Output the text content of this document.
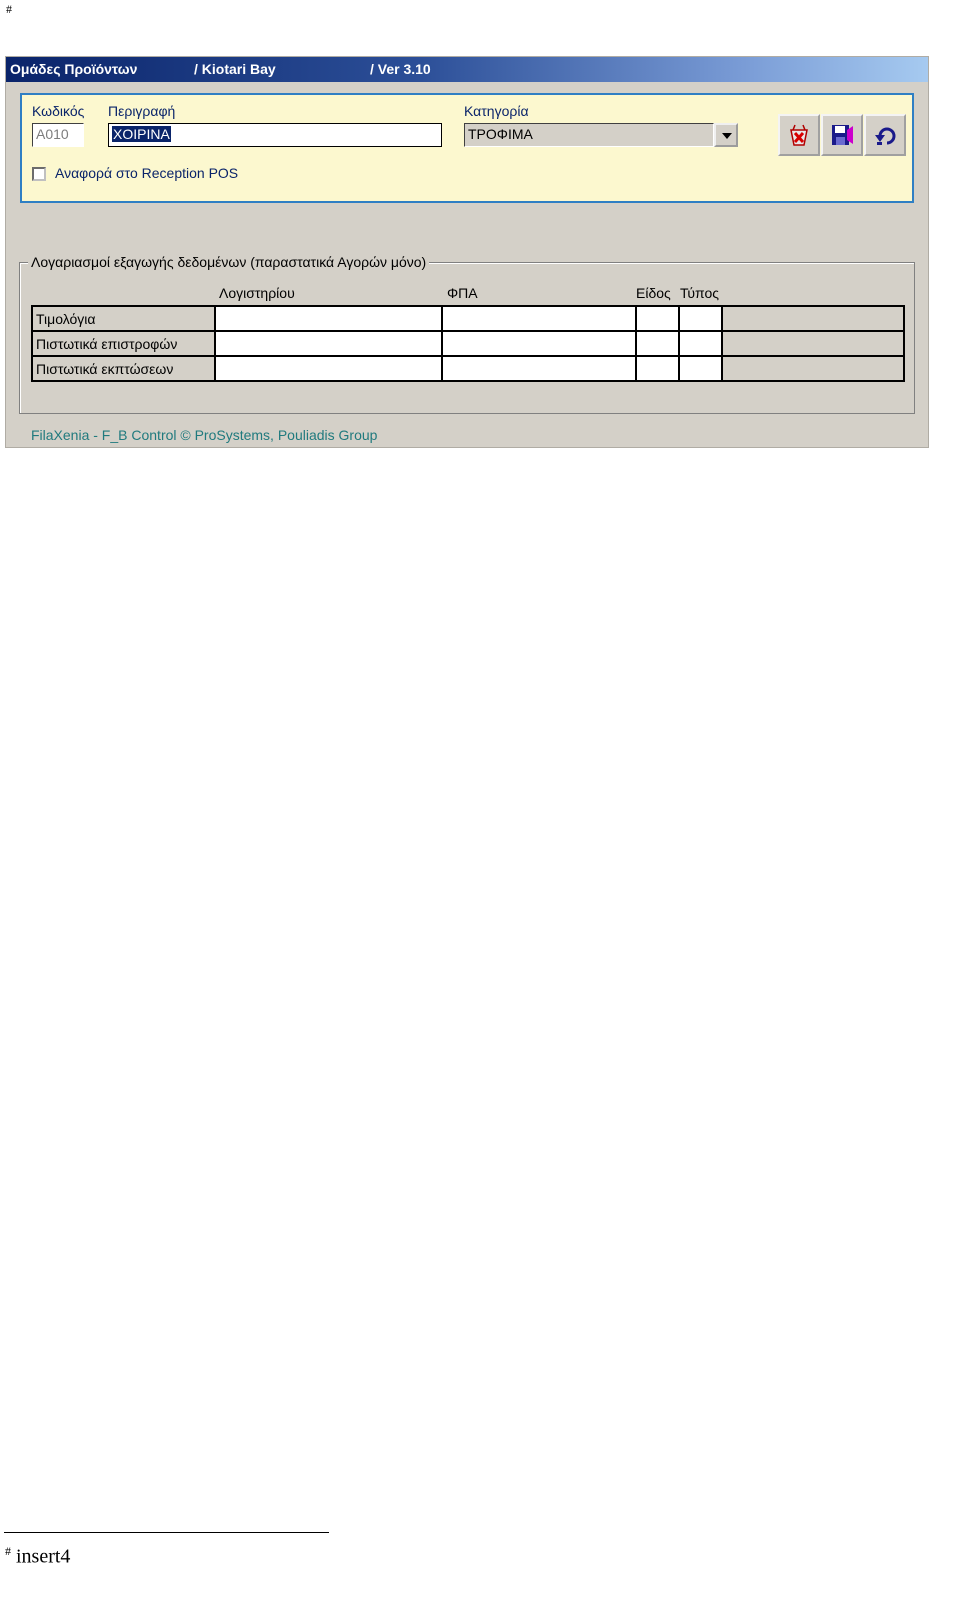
#
Ομάδες Προϊόντων	/ Kiotari Bay	/ Ver 3.10
Κωδικός Περιγραφή	Κατηγορία
A010	ΧΟΙΡΙΝΑ	ΤΡΟΦΙΜΑ
Αναφορά στο Reception POS
Λογαριασμοί εξαγωγής δεδομένων (παραστατικά Αγορών μόνο)
Λογιστηρίου	ΦΠΑ	Είδος Τύπος
Τιμολόγια					
Πιστωτικά επιστροφών					
Πιστωτικά εκπτώσεων					
FilaXenia - F_B Control © ProSystems, Pouliadis Group
# insert4
